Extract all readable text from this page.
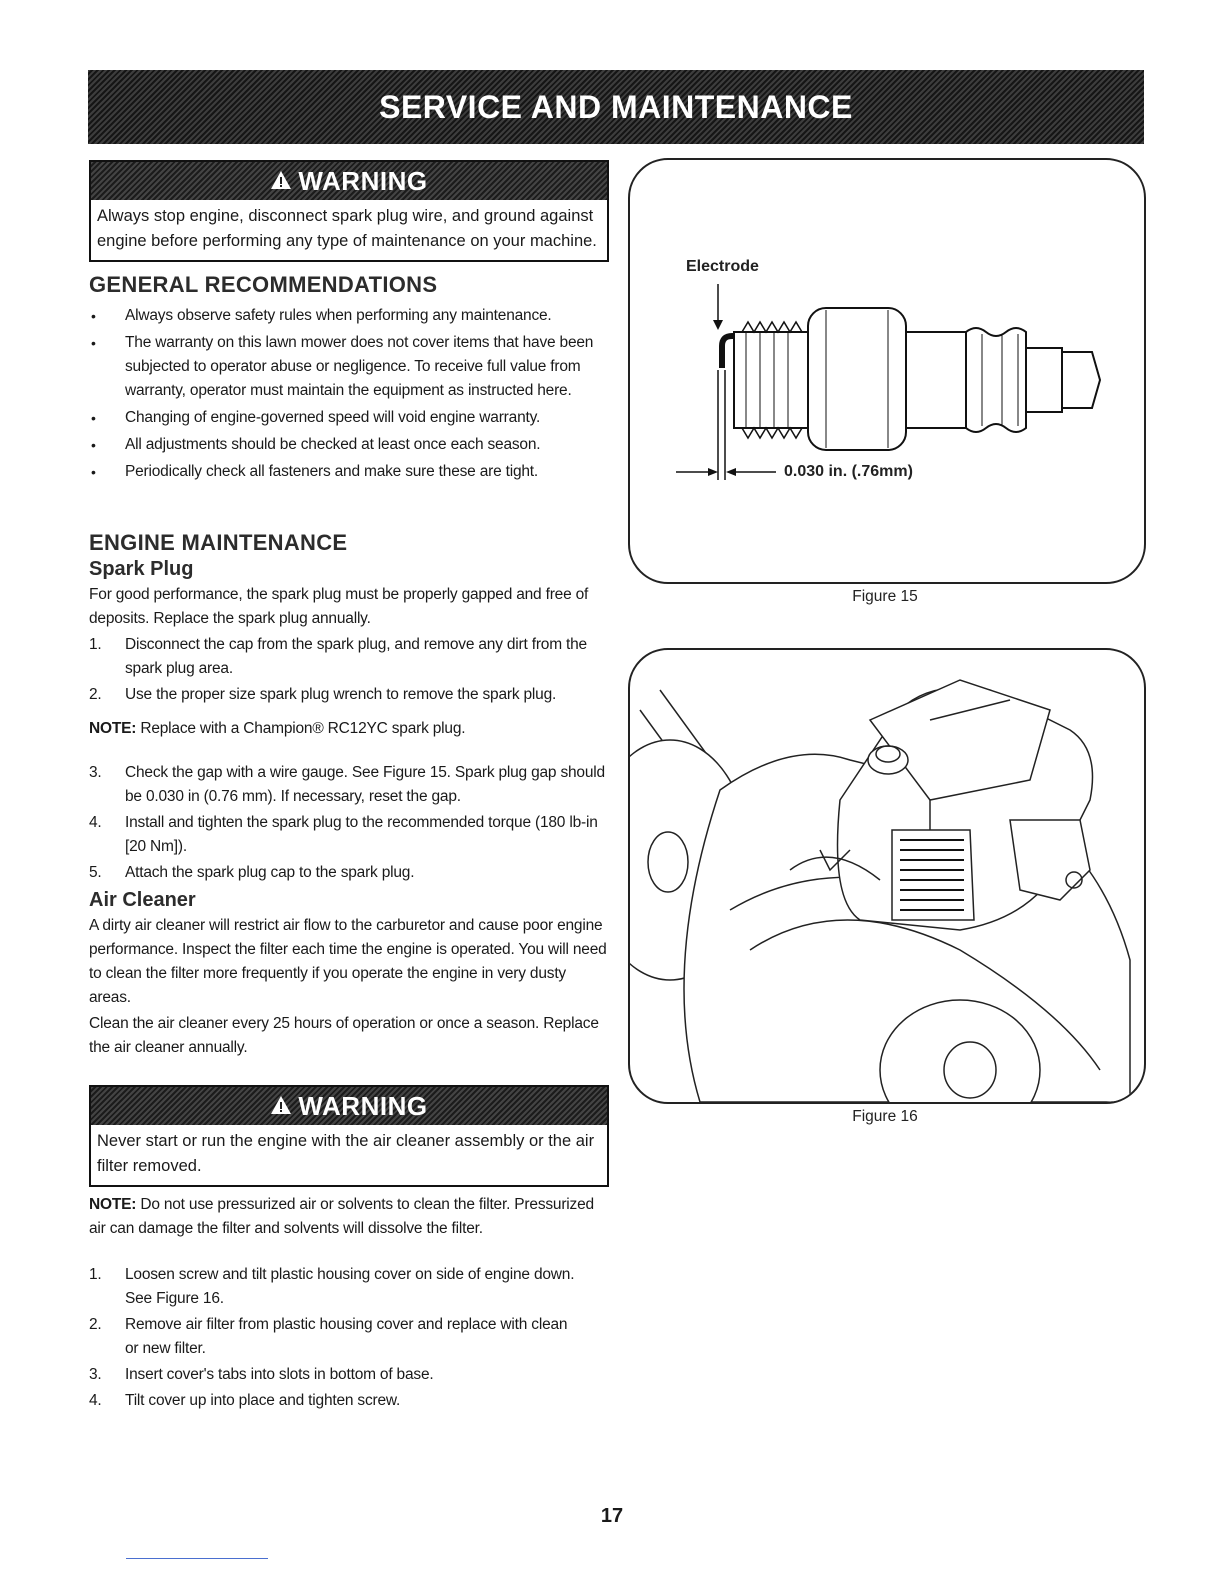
SERVICE AND MAINTENANCE
WARNING
Always stop engine, disconnect spark plug wire, and ground against engine before performing any type of maintenance on your machine.
GENERAL RECOMMENDATIONS
• Always observe safety rules when performing any maintenance.
• The warranty on this lawn mower does not cover items that have been subjected to operator abuse or negligence. To receive full value from warranty, operator must maintain the equipment as instructed here.
• Changing of engine-governed speed will void engine warranty.
• All adjustments should be checked at least once each season.
• Periodically check all fasteners and make sure these are tight.
ENGINE MAINTENANCE
Spark Plug

For good performance, the spark plug must be properly gapped and free of deposits. Replace the spark plug annually.

1. Disconnect the cap from the spark plug, and remove any dirt from the spark plug area.
2. Use the proper size spark plug wrench to remove the spark plug.

NOTE: Replace with a Champion® RC12YC spark plug.

3. Check the gap with a wire gauge. See Figure 15. Spark plug gap should be 0.030 in (0.76 mm). If necessary, reset the gap.
4. Install and tighten the spark plug to the recommended torque (180 lb-in [20 Nm]).
5. Attach the spark plug cap to the spark plug.
Air Cleaner

A dirty air cleaner will restrict air flow to the carburetor and cause poor engine performance. Inspect the filter each time the engine is operated. You will need to clean the filter more frequently if you operate the engine in very dusty areas.

Clean the air cleaner every 25 hours of operation or once a season. Replace the air cleaner annually.

WARNING
Never start or run the engine with the air cleaner assembly or the air filter removed.

NOTE: Do not use pressurized air or solvents to clean the filter. Pressurized air can damage the filter and solvents will dissolve the filter.

1. Loosen screw and tilt plastic housing cover on side of engine down. See Figure 16.
2. Remove air filter from plastic housing cover and replace with clean or new filter.
3. Insert cover's tabs into slots in bottom of base.
4. Tilt cover up into place and tighten screw.
Electrode
0.030 in. (.76mm)
Figure 15
Figure 16
17
